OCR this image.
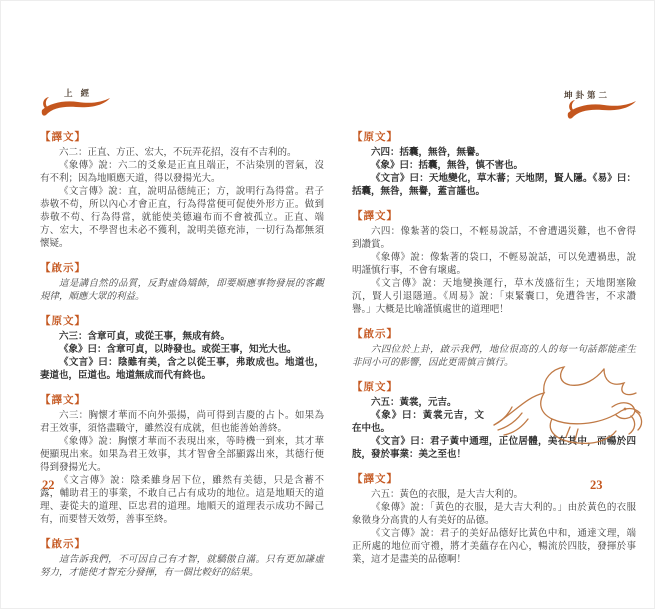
上 經
【譯文】

六二：正直、方正、宏大，不玩弄花招，沒有不吉利的。

《象傳》說：六二的爻象是正直且端正，不沾染別的習氣，沒有不利；因為地順應天道，得以發揚光大。

《文言傳》說：直，說明品德純正；方，說明行為得當。君子恭敬不苟，所以內心才會正直，行為得當便可促使外形方正。做到恭敬不苟、行為得當，就能使美德遍布而不會被孤立。正直、端方、宏大，不學習也未必不獲利，說明美德充沛，一切行為都無須懷疑。

【啟示】

這是講自然的品質，反對虛偽矯飾，即要順應事物發展的客觀規律，順應大眾的利益。

【原文】

六三：含章可貞，或從王事，無成有終。

《象》曰：含章可貞，以時發也。或從王事，知光大也。

《文言》曰：陰雖有美，含之以從王事，弗敢成也。地道也，妻道也，臣道也。地道無成而代有終也。

【譯文】

六三：胸懷才華而不向外張揚，尚可得到吉慶的占卜。如果為君王效事，須恪盡職守，雖然沒有成就，但也能善始善終。

《象傳》說：胸懷才華而不表現出來，等時機一到來，其才華便顯現出來。如果為君王效事，其才智會全部顯露出來，其德行便得到發揚光大。

《文言傳》說：陰柔雖身居下位，雖然有美德，只是含蓄不露，輔助君王的事業，不敢自己占有成功的地位。這是地順天的道理、妻從夫的道理、臣忠君的道理。地順天的道理表示成功不歸己有，而要替天效勞，善事至終。

【啟示】

這告訴我們，不可因自己有才智，就驕傲自滿。只有更加謙虛努力，才能使才智充分發揮，有一個比較好的結果。

坤卦第二
【原文】

六四：括囊，無咎，無譽。

《象》曰：括囊，無咎，慎不害也。

《文言》曰：天地變化，草木蕃；天地閉，賢人隱。《易》曰：括囊，無咎，無譽，蓋言謹也。

【譯文】

六四：像紮著的袋口，不輕易說話，不會遭遇災難，也不會得到讚賞。

《象傳》說：像紮著的袋口，不輕易說話，可以免遭禍患，說明謹慎行事，不會有壞處。

《文言傳》說：天地變換運行，草木茂盛衍生；天地閉塞險沉，賢人引退隱遁。《周易》說：「束緊囊口，免遭咎害，不求讚譽。」大概是比喻謹慎處世的道理吧！

【啟示】

六四位於上卦，啟示我們，地位很高的人的每一句話都能產生非同小可的影響，因此更需慎言慎行。

【原文】

六五：黃裳，元吉。

《象》曰：黃裳元吉，文在中也。

《文言》曰：君子黃中通理，正位居體，美在其中，而暢於四肢，發於事業：美之至也！

【譯文】

六五：黃色的衣服，是大吉大利的。

《象傳》說：「黃色的衣服，是大吉大利的。」由於黃色的衣服象徵身分高貴的人有美好的品德。

《文言傳》說：君子的美好品德好比黃色中和，通達文理，端正所處的地位而守禮，將才美蘊存在內心，暢流於四肢，發揮於事業，這才是盡美的品德啊！

22	23
